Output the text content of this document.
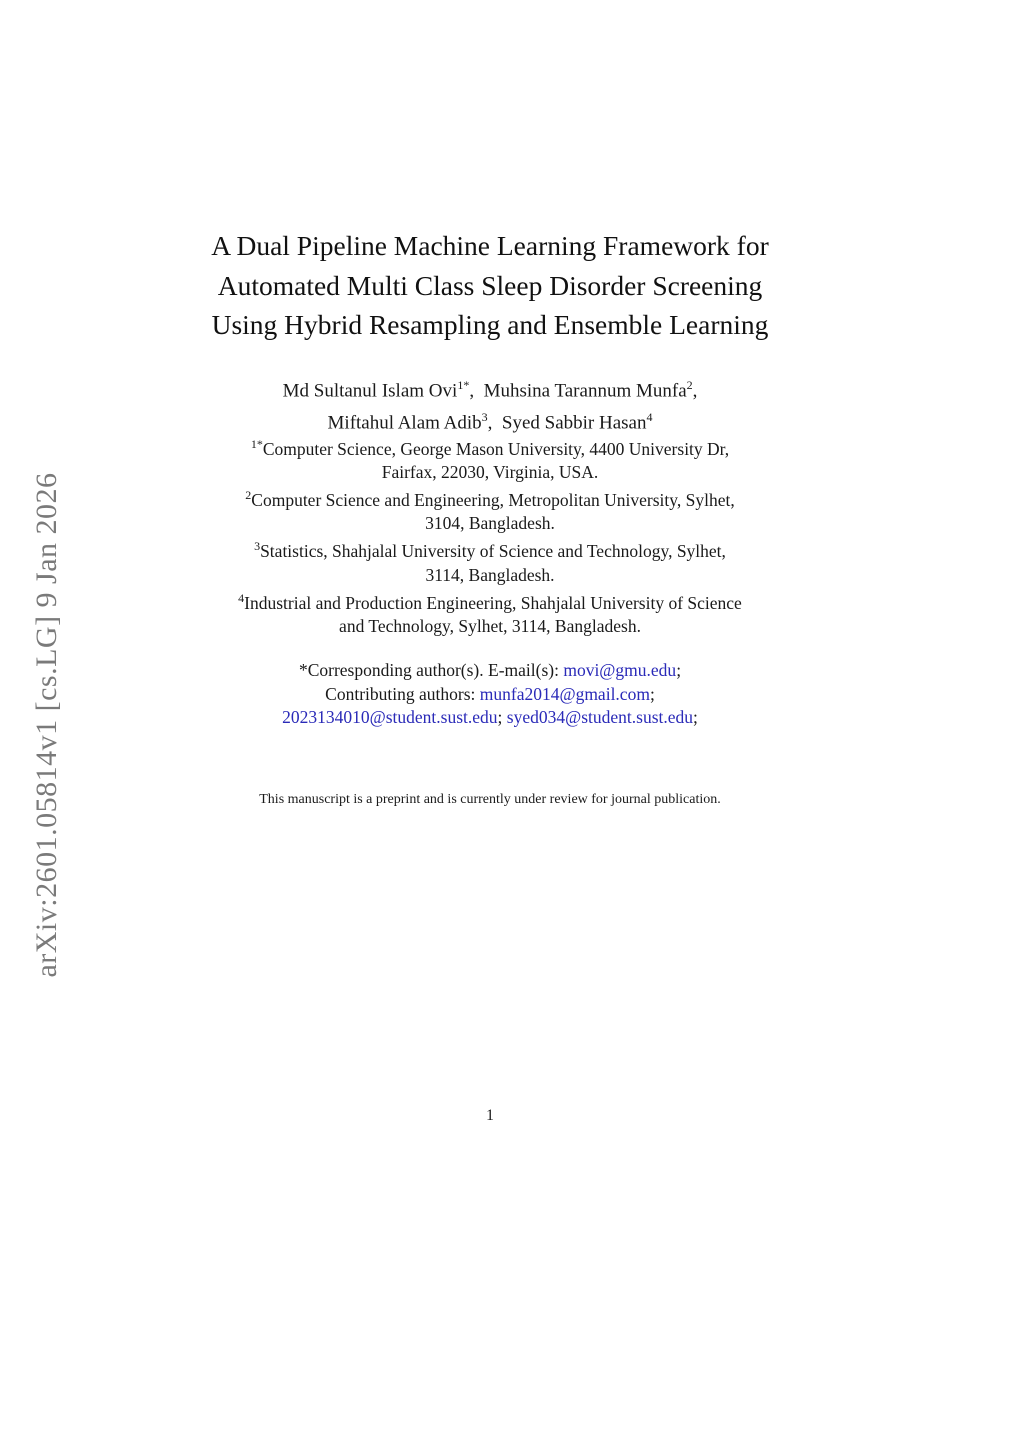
arXiv:2601.05814v1 [cs.LG] 9 Jan 2026
A Dual Pipeline Machine Learning Framework for
Automated Multi Class Sleep Disorder Screening
Using Hybrid Resampling and Ensemble Learning
Md Sultanul Islam Ovi$^{1*}$, Muhsina Tarannum Munfa$^2$,
Miftahul Alam Adib$^3$, Syed Sabbir Hasan$^4$
$^{1*}$Computer Science, George Mason University, 4400 University Dr,
Fairfax, 22030, Virginia, USA.
$^2$Computer Science and Engineering, Metropolitan University, Sylhet,
3104, Bangladesh.
$^3$Statistics, Shahjalal University of Science and Technology, Sylhet,
3114, Bangladesh.
$^4$Industrial and Production Engineering, Shahjalal University of Science
and Technology, Sylhet, 3114, Bangladesh.
*Corresponding author(s). E-mail(s): movi@gmu.edu;
Contributing authors: munfa2014@gmail.com;
2023134010@student.sust.edu; syed034@student.sust.edu;
This manuscript is a preprint and is currently under review for journal publication.
1
